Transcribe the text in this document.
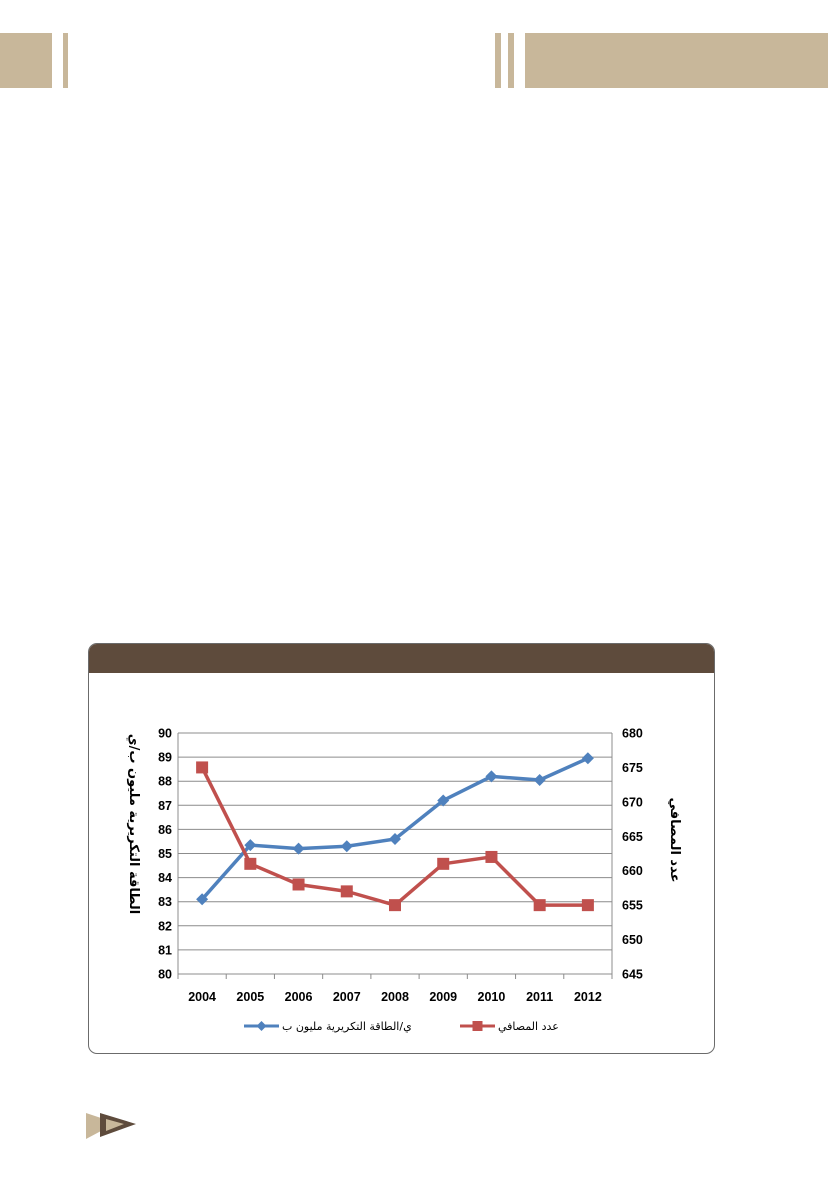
80
81
82
83
84
85
86
87
88
89
90
645
650
655
660
665
670
675
680
2004 2005 2006 2007 2008 2009 2010 2011 2012
الطاقة التكريرية مليون ب/ي	عدد المصافي
ي/الطاقة التكريرية مليون ب	عدد المصافي
